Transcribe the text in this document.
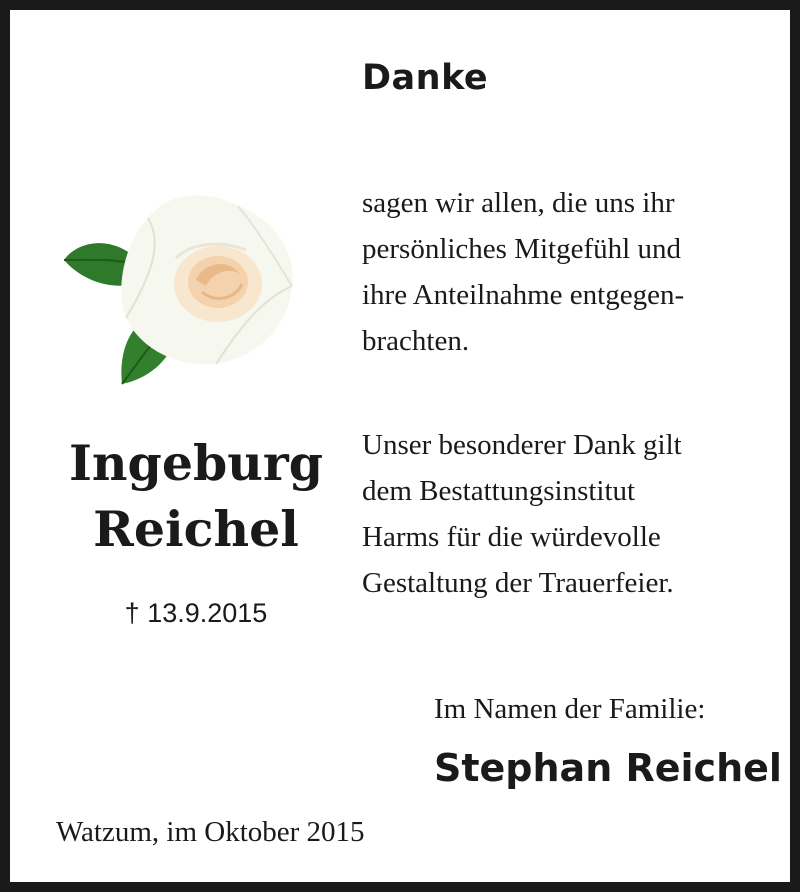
Danke
sagen wir allen, die uns ihr
persönliches Mitgefühl und
ihre Anteilnahme entgegen-
brachten.
Ingeburg
Reichel
Unser besonderer Dank gilt
dem Bestattungsinstitut
Harms für die würdevolle
Gestaltung der Trauerfeier.
† 13.9.2015
Im Namen der Familie:
Stephan Reichel
Watzum, im Oktober 2015
